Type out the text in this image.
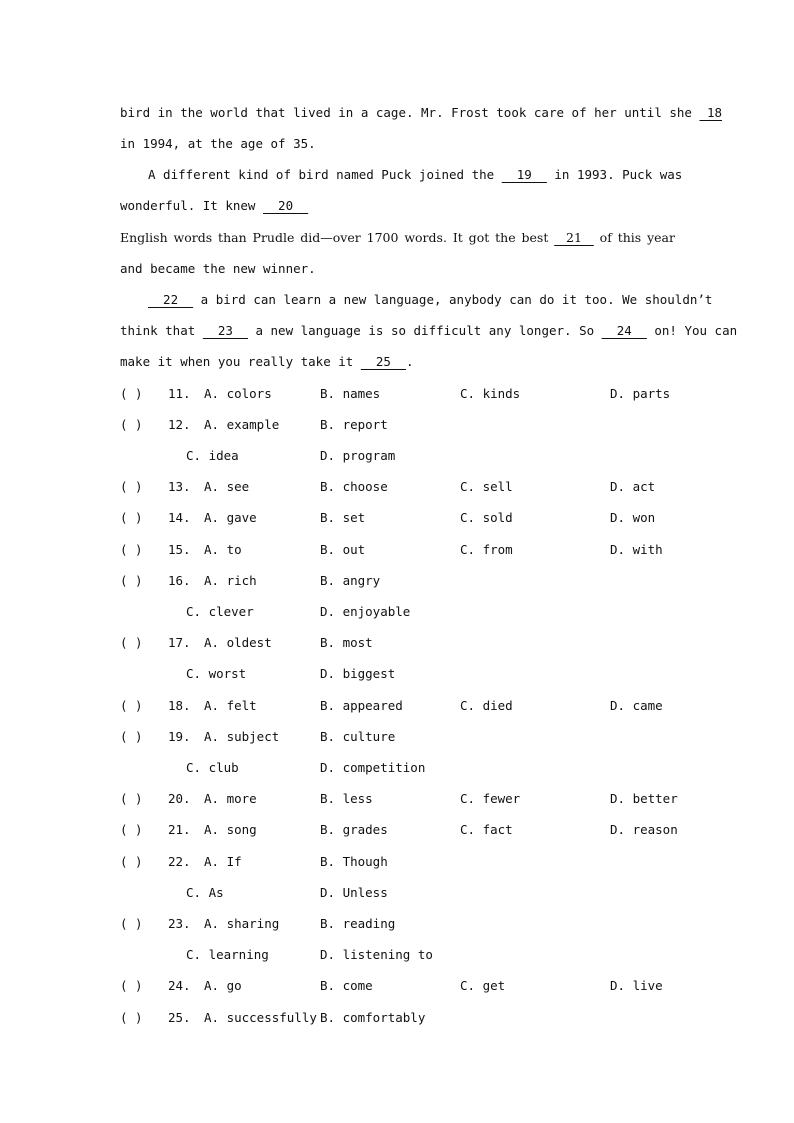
bird in the world that lived in a cage. Mr. Frost took care of her until she  18
in 1994, at the age of 35.
A different kind of bird named Puck joined the   19   in 1993. Puck was
wonderful. It knew   20
English words than Prudle did—over 1700 words. It got the best   21   of this year
and became the new winner.
22   a bird can learn a new language, anybody can do it too. We shouldn’t
think that   23   a new language is so difficult any longer. So   24   on! You can
make it when you really take it   25  .
( ) 11. A. colors	B. names	C. kinds	D. parts
( ) 12. A. example	B. report
C. idea	D. program
( ) 13. A. see	B. choose	C. sell	D. act
( ) 14. A. gave	B. set	C. sold	D. won
( ) 15. A. to	B. out	C. from	D. with
( ) 16. A. rich	B. angry
C. clever	D. enjoyable
( ) 17. A. oldest	B. most
C. worst	D. biggest
( ) 18. A. felt	B. appeared	C. died	D. came
( ) 19. A. subject	B. culture
C. club	D. competition
( ) 20. A. more	B. less	C. fewer	D. better
( ) 21. A. song	B. grades	C. fact	D. reason
( ) 22. A. If	B. Though
C. As	D. Unless
( ) 23. A. sharing	B. reading
C. learning	D. listening to
( ) 24. A. go	B. come	C. get	D. live
( ) 25. A. successfully B. comfortably
